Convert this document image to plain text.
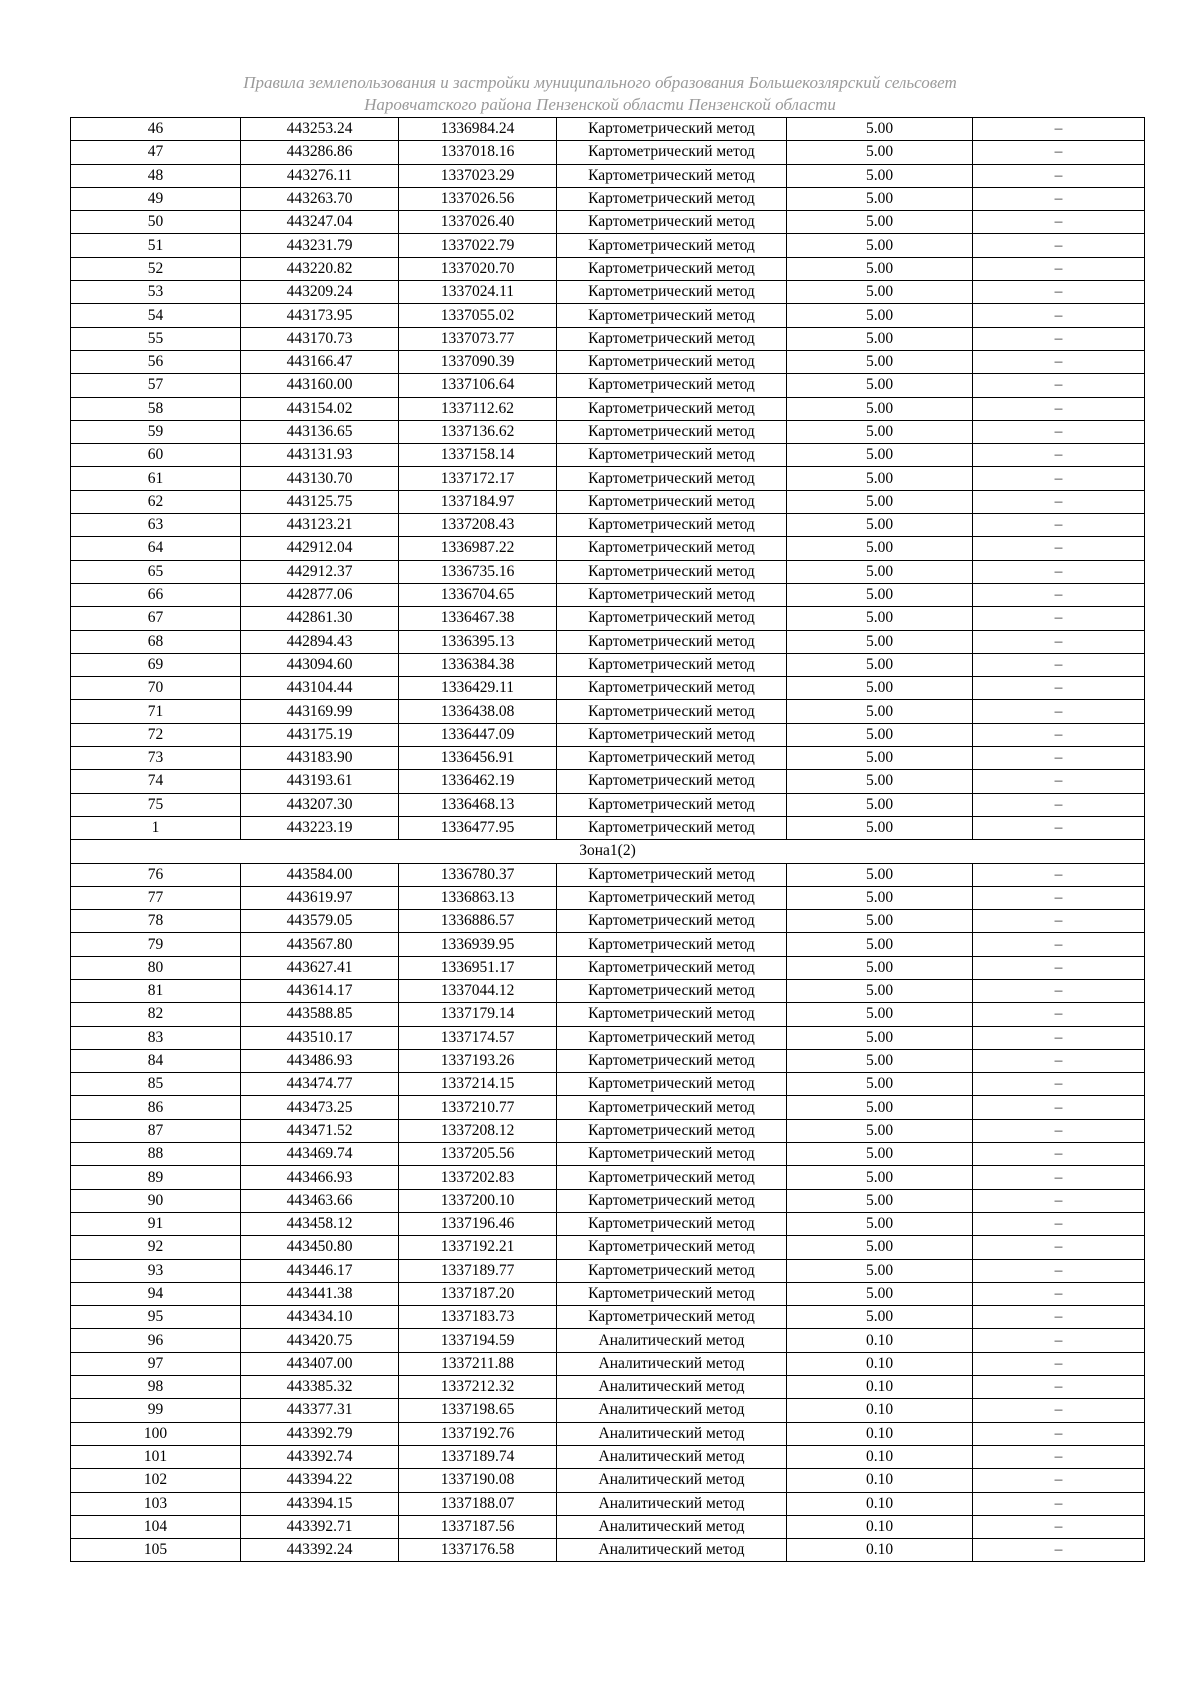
Правила землепользования и застройки муниципального образования Большекозлярский сельсовет
Наровчатского района Пензенской области Пензенской области
46	443253.24	1336984.24	Картометрический метод	5.00	–
47	443286.86	1337018.16	Картометрический метод	5.00	–
48	443276.11	1337023.29	Картометрический метод	5.00	–
49	443263.70	1337026.56	Картометрический метод	5.00	–
50	443247.04	1337026.40	Картометрический метод	5.00	–
51	443231.79	1337022.79	Картометрический метод	5.00	–
52	443220.82	1337020.70	Картометрический метод	5.00	–
53	443209.24	1337024.11	Картометрический метод	5.00	–
54	443173.95	1337055.02	Картометрический метод	5.00	–
55	443170.73	1337073.77	Картометрический метод	5.00	–
56	443166.47	1337090.39	Картометрический метод	5.00	–
57	443160.00	1337106.64	Картометрический метод	5.00	–
58	443154.02	1337112.62	Картометрический метод	5.00	–
59	443136.65	1337136.62	Картометрический метод	5.00	–
60	443131.93	1337158.14	Картометрический метод	5.00	–
61	443130.70	1337172.17	Картометрический метод	5.00	–
62	443125.75	1337184.97	Картометрический метод	5.00	–
63	443123.21	1337208.43	Картометрический метод	5.00	–
64	442912.04	1336987.22	Картометрический метод	5.00	–
65	442912.37	1336735.16	Картометрический метод	5.00	–
66	442877.06	1336704.65	Картометрический метод	5.00	–
67	442861.30	1336467.38	Картометрический метод	5.00	–
68	442894.43	1336395.13	Картометрический метод	5.00	–
69	443094.60	1336384.38	Картометрический метод	5.00	–
70	443104.44	1336429.11	Картометрический метод	5.00	–
71	443169.99	1336438.08	Картометрический метод	5.00	–
72	443175.19	1336447.09	Картометрический метод	5.00	–
73	443183.90	1336456.91	Картометрический метод	5.00	–
74	443193.61	1336462.19	Картометрический метод	5.00	–
75	443207.30	1336468.13	Картометрический метод	5.00	–
1	443223.19	1336477.95	Картометрический метод	5.00	–
Зона1(2)					
76	443584.00	1336780.37	Картометрический метод	5.00	–
77	443619.97	1336863.13	Картометрический метод	5.00	–
78	443579.05	1336886.57	Картометрический метод	5.00	–
79	443567.80	1336939.95	Картометрический метод	5.00	–
80	443627.41	1336951.17	Картометрический метод	5.00	–
81	443614.17	1337044.12	Картометрический метод	5.00	–
82	443588.85	1337179.14	Картометрический метод	5.00	–
83	443510.17	1337174.57	Картометрический метод	5.00	–
84	443486.93	1337193.26	Картометрический метод	5.00	–
85	443474.77	1337214.15	Картометрический метод	5.00	–
86	443473.25	1337210.77	Картометрический метод	5.00	–
87	443471.52	1337208.12	Картометрический метод	5.00	–
88	443469.74	1337205.56	Картометрический метод	5.00	–
89	443466.93	1337202.83	Картометрический метод	5.00	–
90	443463.66	1337200.10	Картометрический метод	5.00	–
91	443458.12	1337196.46	Картометрический метод	5.00	–
92	443450.80	1337192.21	Картометрический метод	5.00	–
93	443446.17	1337189.77	Картометрический метод	5.00	–
94	443441.38	1337187.20	Картометрический метод	5.00	–
95	443434.10	1337183.73	Картометрический метод	5.00	–
96	443420.75	1337194.59	Аналитический метод	0.10	–
97	443407.00	1337211.88	Аналитический метод	0.10	–
98	443385.32	1337212.32	Аналитический метод	0.10	–
99	443377.31	1337198.65	Аналитический метод	0.10	–
100	443392.79	1337192.76	Аналитический метод	0.10	–
101	443392.74	1337189.74	Аналитический метод	0.10	–
102	443394.22	1337190.08	Аналитический метод	0.10	–
103	443394.15	1337188.07	Аналитический метод	0.10	–
104	443392.71	1337187.56	Аналитический метод	0.10	–
105	443392.24	1337176.58	Аналитический метод	0.10	–
